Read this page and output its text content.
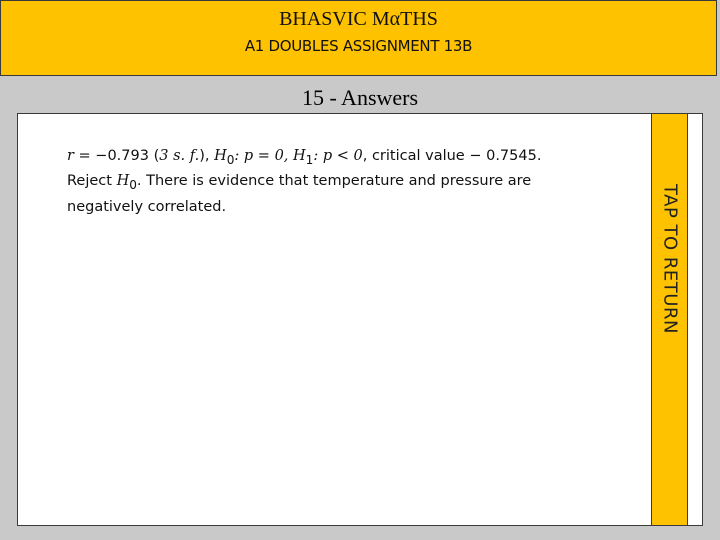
BHASVIC MαTHS
A1 DOUBLES ASSIGNMENT 13B
15 - Answers
r = −0.793 (3 s. f.), $H_0$: p = 0, $H_1$: p < 0, critical value − 0.7545.
Reject $H_0$. There is evidence that temperature and pressure are
negatively correlated.	TAP TO RETURN
